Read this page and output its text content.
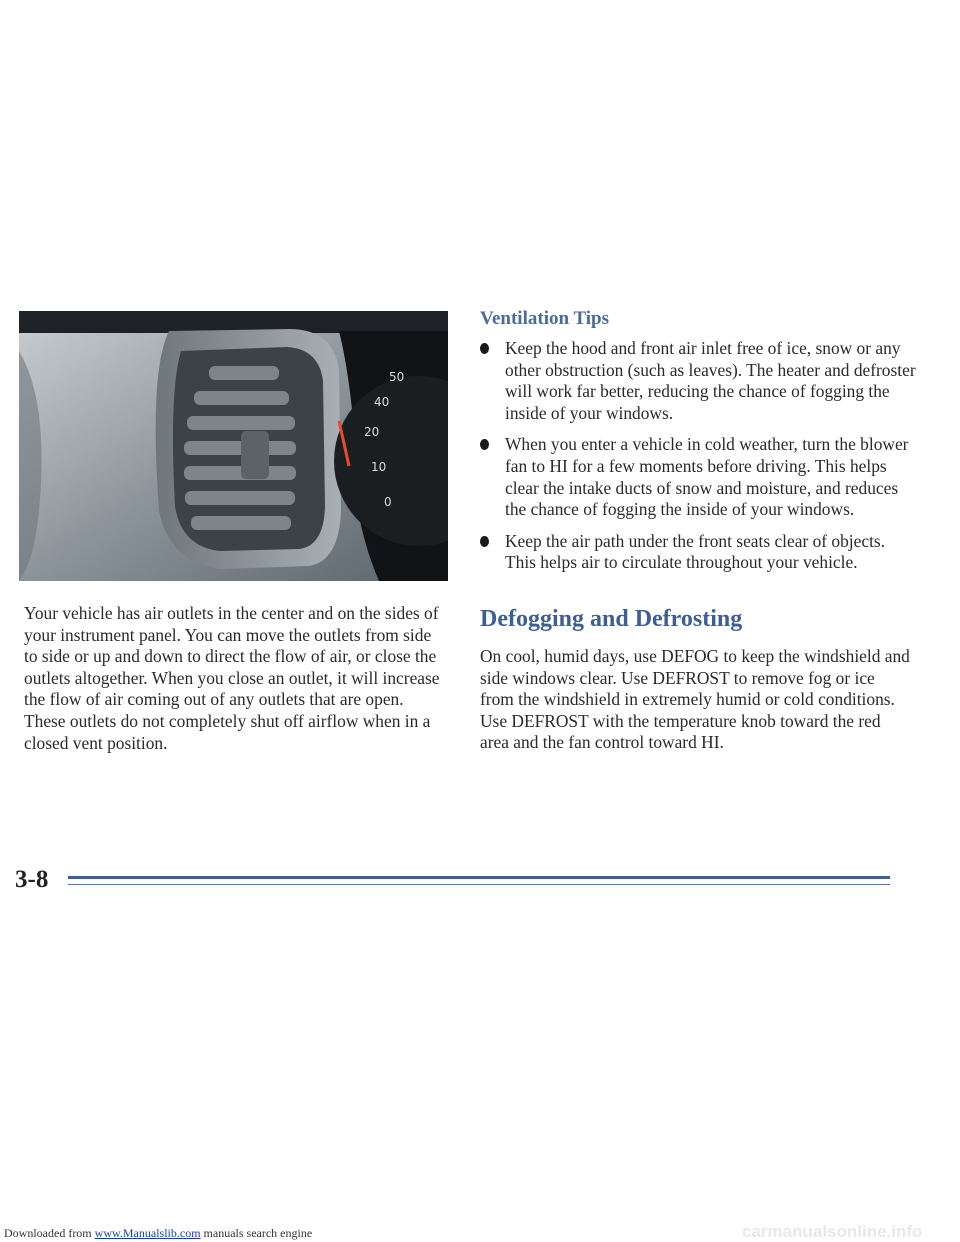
40
50
20
10
0

Your vehicle has air outlets in the center and on the sides of your instrument panel. You can move the outlets from side to side or up and down to direct the flow of air, or close the outlets altogether. When you close an outlet, it will increase the flow of air coming out of any outlets that are open. These outlets do not completely shut off airflow when in a closed vent position.

Ventilation Tips
Keep the hood and front air inlet free of ice, snow or any other obstruction (such as leaves). The heater and defroster will work far better, reducing the chance of fogging the inside of your windows.
When you enter a vehicle in cold weather, turn the blower fan to HI for a few moments before driving. This helps clear the intake ducts of snow and moisture, and reduces the chance of fogging the inside of your windows.
Keep the air path under the front seats clear of objects. This helps air to circulate throughout your vehicle.
Defogging and Defrosting

On cool, humid days, use DEFOG to keep the windshield and side windows clear. Use DEFROST to remove fog or ice from the windshield in extremely humid or cold conditions. Use DEFROST with the temperature knob toward the red area and the fan control toward HI.

3-8
Downloaded from www.Manualslib.com manuals search engine	carmanualsonline.info
